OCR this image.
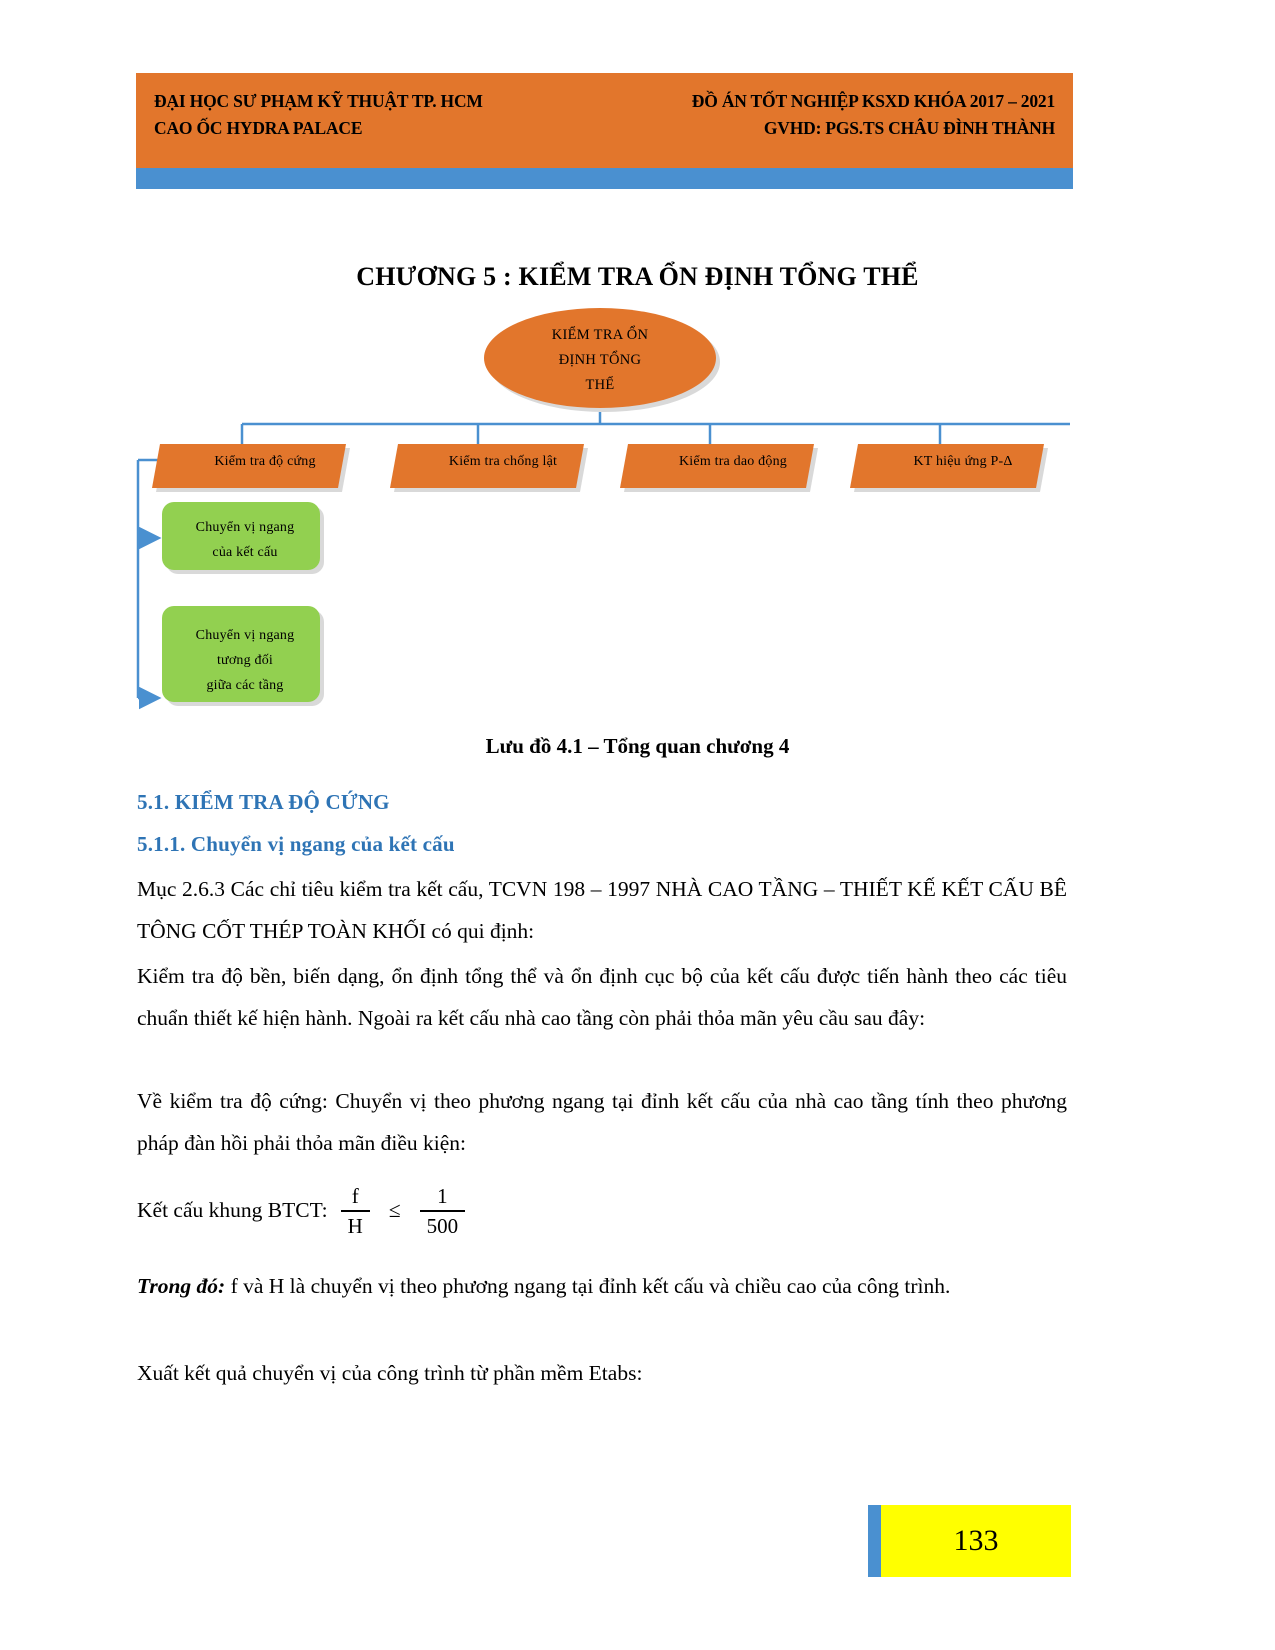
ĐẠI HỌC SƯ PHẠM KỸ THUẬT TP. HCM
CAO ỐC HYDRA PALACE
ĐỒ ÁN TỐT NGHIỆP KSXD KHÓA 2017 – 2021
GVHD: PGS.TS CHÂU ĐÌNH THÀNH
CHƯƠNG 5 : KIỂM TRA ỔN ĐỊNH TỔNG THỂ
KIỂM TRA ỔN
ĐỊNH TỔNG
THỂ
Kiểm tra độ cứng	Kiểm tra chống lật	Kiểm tra dao động	KT hiệu ứng P-Δ
Chuyển vị ngang
của kết cấu
Chuyển vị ngang
tương đối
giữa các tầng
Lưu đồ 4.1 – Tổng quan chương 4
5.1. KIỂM TRA ĐỘ CỨNG
5.1.1. Chuyển vị ngang của kết cấu
Mục 2.6.3 Các chỉ tiêu kiểm tra kết cấu, TCVN 198 – 1997 NHÀ CAO TẦNG – THIẾT KẾ KẾT CẤU BÊ TÔNG CỐT THÉP TOÀN KHỐI có qui định:
Kiểm tra độ bền, biến dạng, ổn định tổng thể và ổn định cục bộ của kết cấu được tiến hành theo các tiêu chuẩn thiết kế hiện hành. Ngoài ra kết cấu nhà cao tầng còn phải thỏa mãn yêu cầu sau đây:
Về kiểm tra độ cứng: Chuyển vị theo phương ngang tại đỉnh kết cấu của nhà cao tầng tính theo phương pháp đàn hồi phải thỏa mãn điều kiện:
Kết cấu khung BTCT: $\frac{f}{H} \le \frac{1}{500}$
Trong đó: f và H là chuyển vị theo phương ngang tại đỉnh kết cấu và chiều cao của công trình.
Xuất kết quả chuyển vị của công trình từ phần mềm Etabs:
133
